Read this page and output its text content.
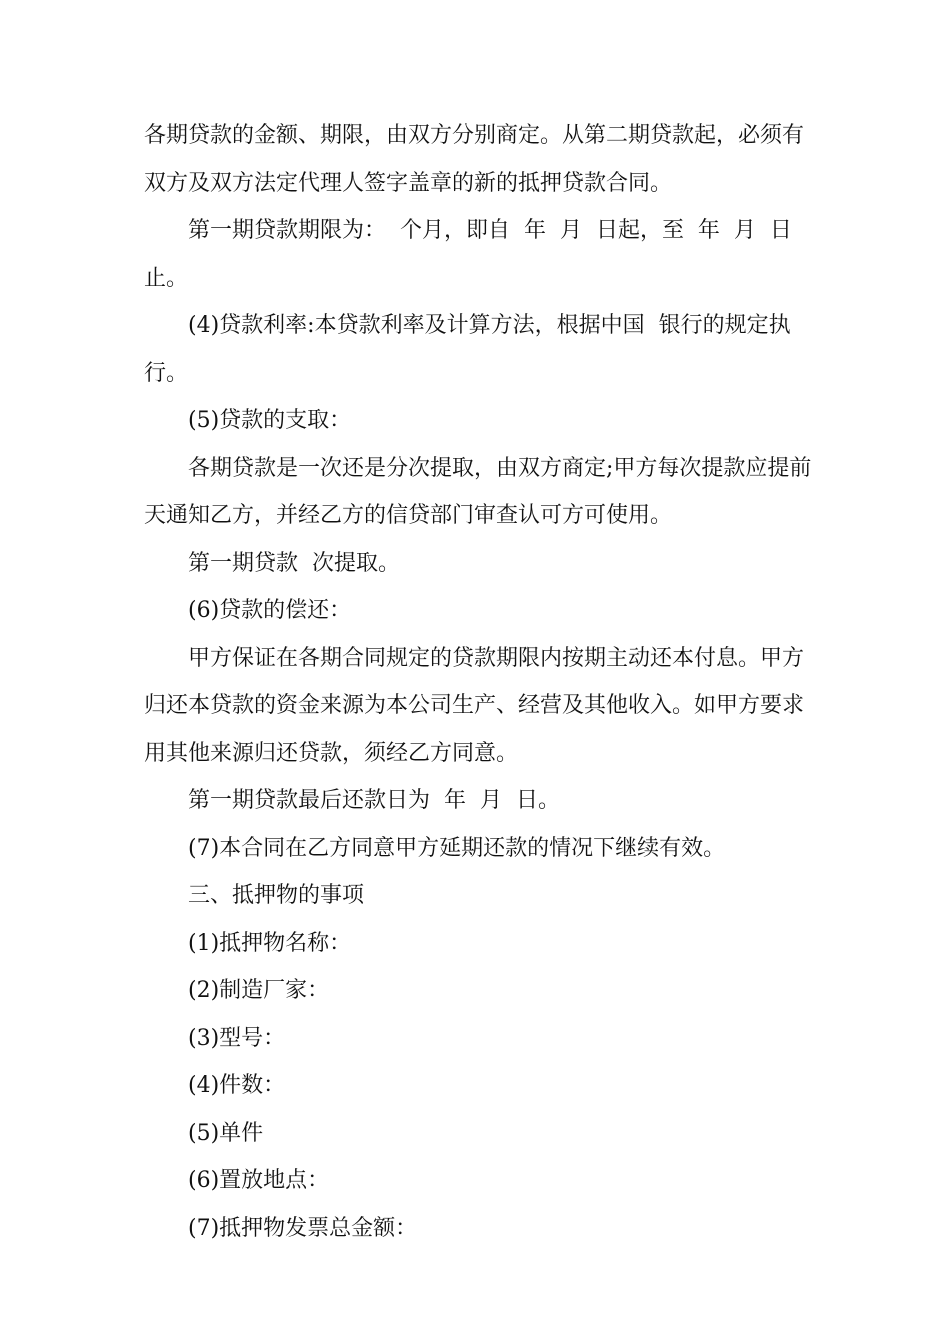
各期贷款的金额、期限，由双方分别商定。从第二期贷款起，必须有双方及双方法定代理人签字盖章的新的抵押贷款合同。

第一期贷款期限为：  个月，即自  年  月  日起，至  年  月  日止。

(4)贷款利率:本贷款利率及计算方法，根据中国  银行的规定执行。

(5)贷款的支取：

各期贷款是一次还是分次提取，由双方商定;甲方每次提款应提前  天通知乙方，并经乙方的信贷部门审查认可方可使用。

第一期贷款  次提取。

(6)贷款的偿还：

甲方保证在各期合同规定的贷款期限内按期主动还本付息。甲方归还本贷款的资金来源为本公司生产、经营及其他收入。如甲方要求用其他来源归还贷款，须经乙方同意。

第一期贷款最后还款日为  年  月  日。

(7)本合同在乙方同意甲方延期还款的情况下继续有效。

三、抵押物的事项

(1)抵押物名称：

(2)制造厂家：

(3)型号：

(4)件数：

(5)单件

(6)置放地点：

(7)抵押物发票总金额：
